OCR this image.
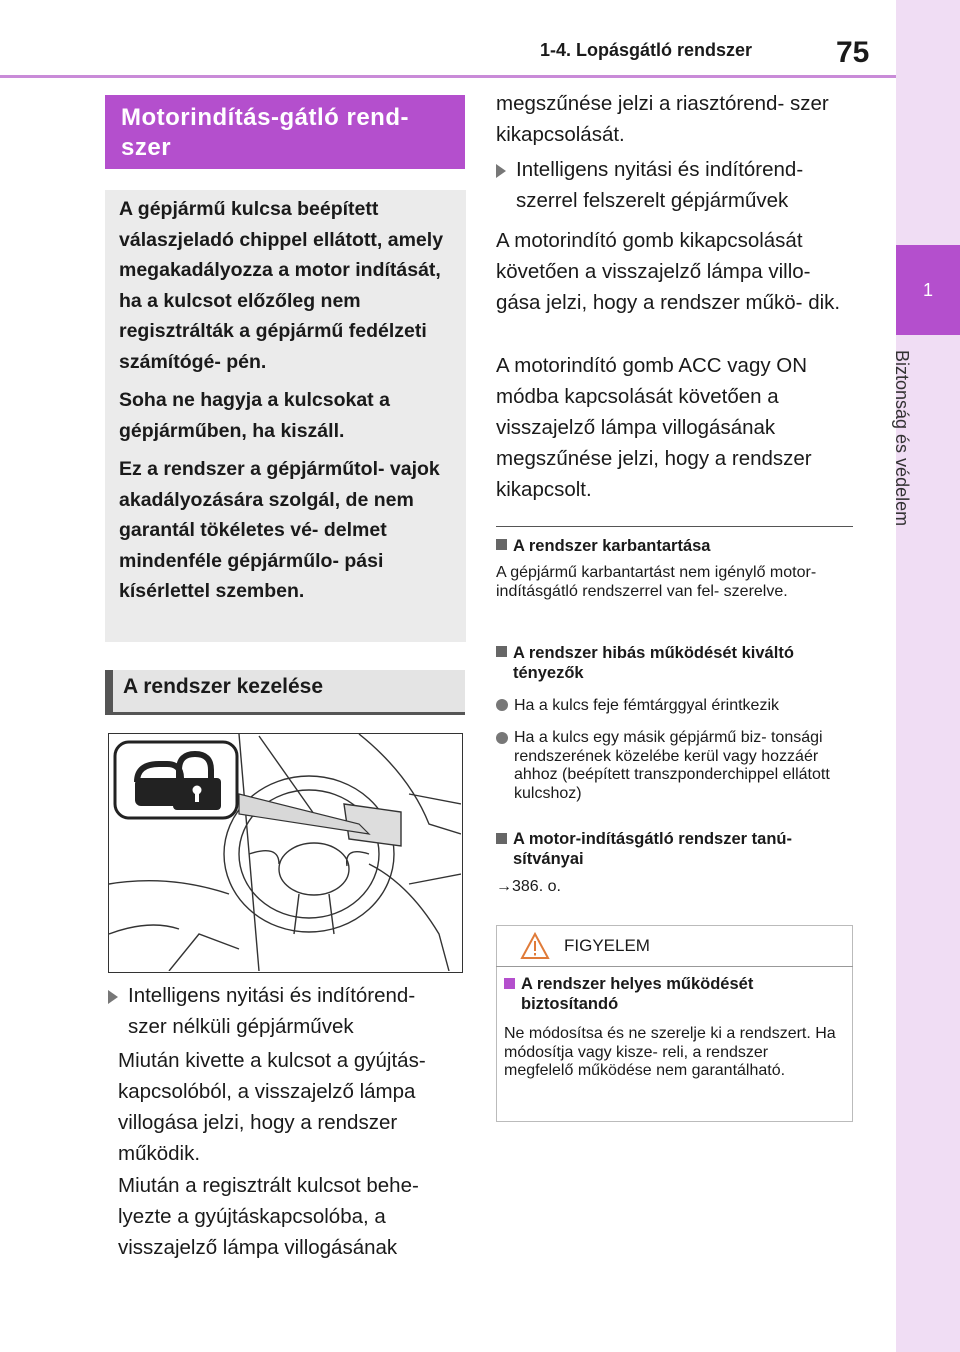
1-4. Lopásgátló rendszer	75
1
Biztonság és védelem
Motorindítás-gátló rend-
szer

A gépjármű kulcsa beépített válaszjeladó chippel ellátott, amely megakadályozza a motor indítását, ha a kulcsot előzőleg nem regisztrálták a gépjármű fedélzeti számítógé- pén.

Soha ne hagyja a kulcsokat a gépjárműben, ha kiszáll.

Ez a rendszer a gépjárműtol- vajok akadályozására szolgál, de nem garantál tökéletes vé- delmet mindenféle gépjárműlo- pási kísérlettel szemben.

A rendszer kezelése
Intelligens nyitási és indítórend- szer nélküli gépjárművek
Miután kivette a kulcsot a gyújtás- kapcsolóból, a visszajelző lámpa villogása jelzi, hogy a rendszer működik.
Miután a regisztrált kulcsot behe- lyezte a gyújtáskapcsolóba, a visszajelző lámpa villogásának
megszűnése jelzi a riasztórend- szer kikapcsolását.
Intelligens nyitási és indítórend- szerrel felszerelt gépjárművek
A motorindító gomb kikapcsolását követően a visszajelző lámpa villo- gása jelzi, hogy a rendszer műkö- dik.
A motorindító gomb ACC vagy ON módba kapcsolását követően a visszajelző lámpa villogásának megszűnése jelzi, hogy a rendszer kikapcsolt.
A rendszer karbantartása
A gépjármű karbantartást nem igénylő motor-indításgátló rendszerrel van fel- szerelve.
A rendszer hibás működését kiváltó tényezők
Ha a kulcs feje fémtárggyal érintkezik
Ha a kulcs egy másik gépjármű biz- tonsági rendszerének közelébe kerül vagy hozzáér ahhoz (beépített transzponderchippel ellátott kulcshoz)
A motor-indításgátló rendszer tanú- sítványai
→386. o.
FIGYELEM
A rendszer helyes működését biztosítandó
Ne módosítsa és ne szerelje ki a rendszert. Ha módosítja vagy kisze- reli, a rendszer megfelelő működése nem garantálható.
